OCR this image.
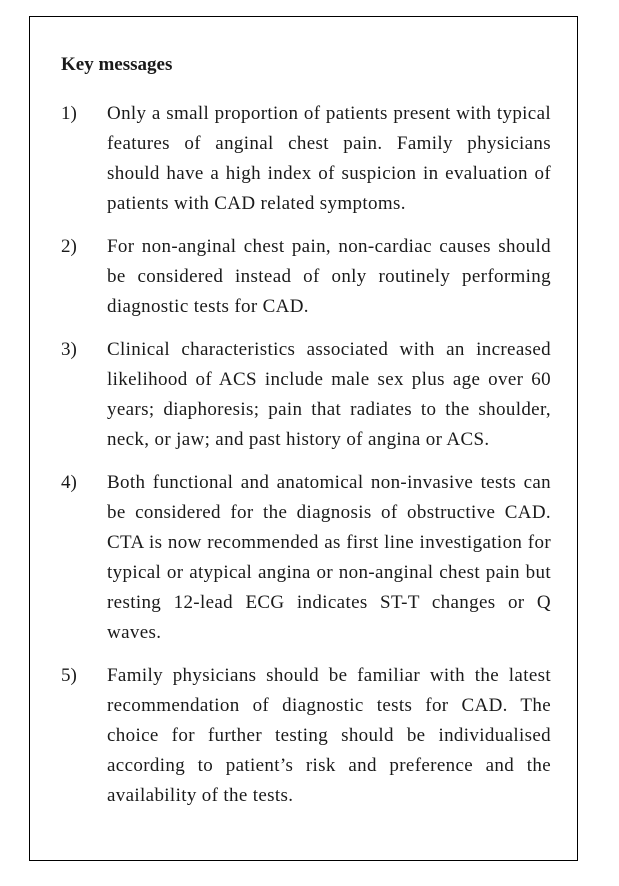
Key messages
1) Only a small proportion of patients present with typical features of anginal chest pain. Family physicians should have a high index of suspicion in evaluation of patients with CAD related symptoms.
2) For non-anginal chest pain, non-cardiac causes should be considered instead of only routinely performing diagnostic tests for CAD.
3) Clinical characteristics associated with an increased likelihood of ACS include male sex plus age over 60 years; diaphoresis; pain that radiates to the shoulder, neck, or jaw; and past history of angina or ACS.
4) Both functional and anatomical non-invasive tests can be considered for the diagnosis of obstructive CAD. CTA is now recommended as first line investigation for typical or atypical angina or non-anginal chest pain but resting 12-lead ECG indicates ST-T changes or Q waves.
5) Family physicians should be familiar with the latest recommendation of diagnostic tests for CAD. The choice for further testing should be individualised according to patient’s risk and preference and the availability of the tests.
